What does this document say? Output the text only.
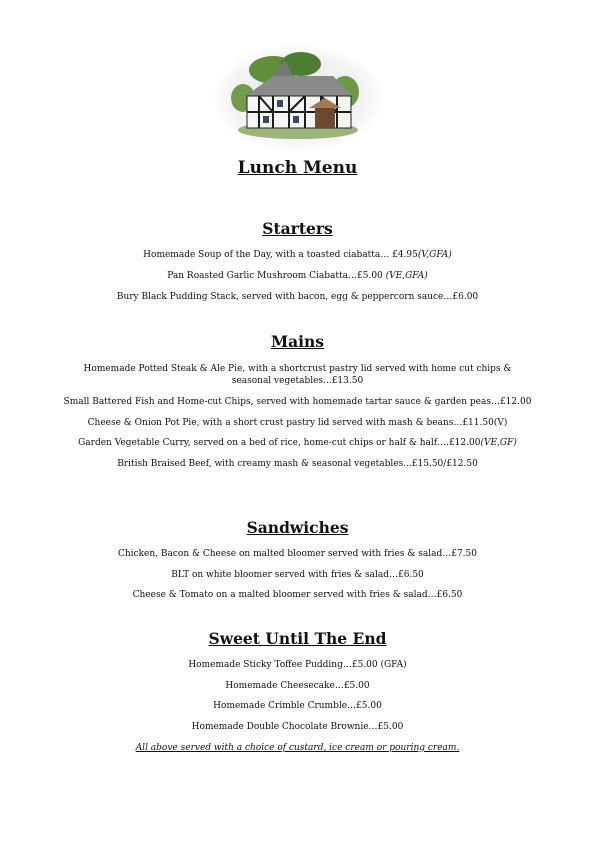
Lunch Menu
Starters
Homemade Soup of the Day, with a toasted ciabatta… £4.95(V,GFA)
Pan Roasted Garlic Mushroom Ciabatta…£5.00 (VE,GFA)
Bury Black Pudding Stack, served with bacon, egg & peppercorn sauce…£6.00
Mains
Homemade Potted Steak & Ale Pie, with a shortcrust pastry lid served with home cut chips & seasonal vegetables...£13.50
Small Battered Fish and Home-cut Chips, served with homemade tartar sauce & garden peas…£12.00
Cheese & Onion Pot Pie, with a short crust pastry lid served with mash & beans…£11.50(V)
Garden Vegetable Curry, served on a bed of rice, home-cut chips or half & half….£12.00(VE,GF)
British Braised Beef, with creamy mash & seasonal vegetables...£15.50/£12.50
Sandwiches
Chicken, Bacon & Cheese on malted bloomer served with fries & salad…£7.50
BLT on white bloomer served with fries & salad…£6.50
Cheese & Tomato on a malted bloomer served with fries & salad…£6.50
Sweet Until The End
Homemade Sticky Toffee Pudding…£5.00 (GFA)
Homemade Cheesecake…£5.00
Homemade Crimble Crumble…£5.00
Homemade Double Chocolate Brownie…£5.00
All above served with a choice of custard, ice cream or pouring cream.
